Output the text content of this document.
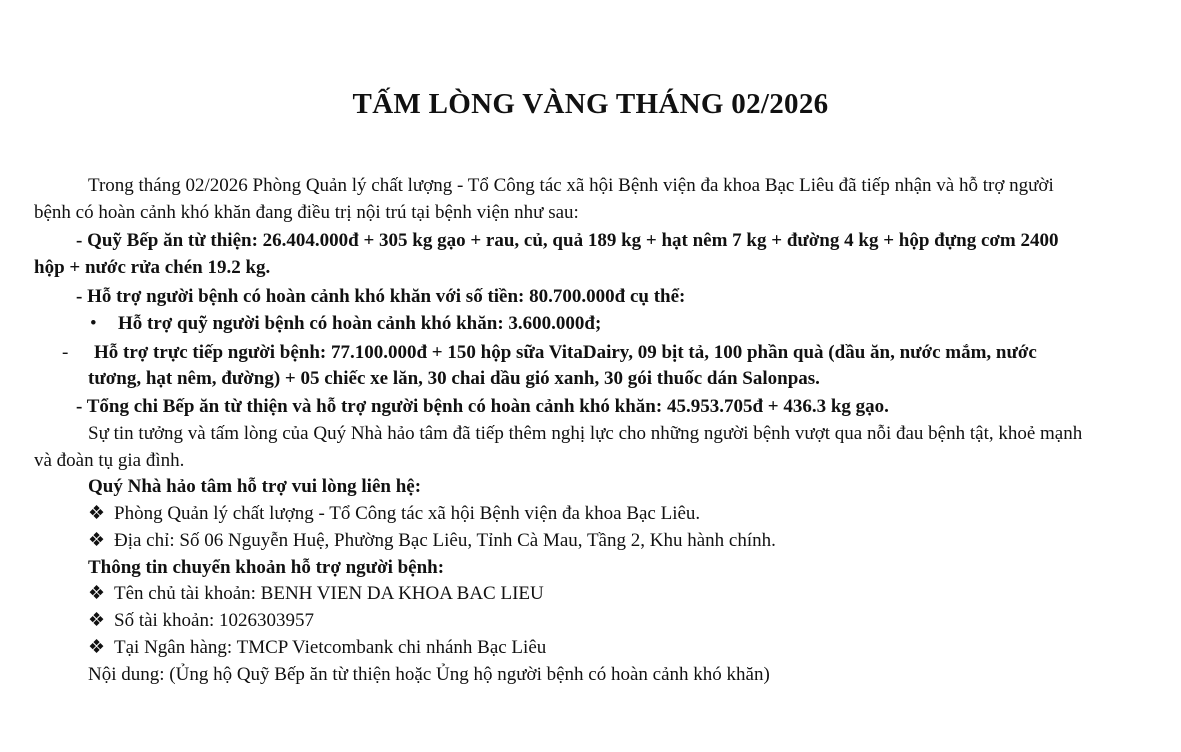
TẤM LÒNG VÀNG THÁNG 02/2026
Trong tháng 02/2026 Phòng Quản lý chất lượng - Tổ Công tác xã hội Bệnh viện đa khoa Bạc Liêu đã tiếp nhận và hỗ trợ người
bệnh có hoàn cảnh khó khăn đang điều trị nội trú tại bệnh viện như sau:
- Quỹ Bếp ăn từ thiện: 26.404.000đ + 305 kg gạo + rau, củ, quả 189 kg + hạt nêm 7 kg + đường 4 kg + hộp đựng cơm 2400
hộp + nước rửa chén 19.2 kg.
- Hỗ trợ người bệnh có hoàn cảnh khó khăn với số tiền: 80.700.000đ cụ thể:
• Hỗ trợ quỹ người bệnh có hoàn cảnh khó khăn: 3.600.000đ;
- Hỗ trợ trực tiếp người bệnh: 77.100.000đ + 150 hộp sữa VitaDairy, 09 bịt tả, 100 phần quà (dầu ăn, nước mắm, nước
tương, hạt nêm, đường) + 05 chiếc xe lăn, 30 chai dầu gió xanh, 30 gói thuốc dán Salonpas.
- Tổng chi Bếp ăn từ thiện và hỗ trợ người bệnh có hoàn cảnh khó khăn: 45.953.705đ + 436.3 kg gạo.
Sự tin tưởng và tấm lòng của Quý Nhà hảo tâm đã tiếp thêm nghị lực cho những người bệnh vượt qua nỗi đau bệnh tật, khoẻ mạnh
và đoàn tụ gia đình.
Quý Nhà hảo tâm hỗ trợ vui lòng liên hệ:
❖ Phòng Quản lý chất lượng - Tổ Công tác xã hội Bệnh viện đa khoa Bạc Liêu.
❖ Địa chỉ: Số 06 Nguyễn Huệ, Phường Bạc Liêu, Tỉnh Cà Mau, Tầng 2, Khu hành chính.
Thông tin chuyển khoản hỗ trợ người bệnh:
❖ Tên chủ tài khoản: BENH VIEN DA KHOA BAC LIEU
❖ Số tài khoản: 1026303957
❖ Tại Ngân hàng: TMCP Vietcombank chi nhánh Bạc Liêu
Nội dung: (Ủng hộ Quỹ Bếp ăn từ thiện hoặc Ủng hộ người bệnh có hoàn cảnh khó khăn)
